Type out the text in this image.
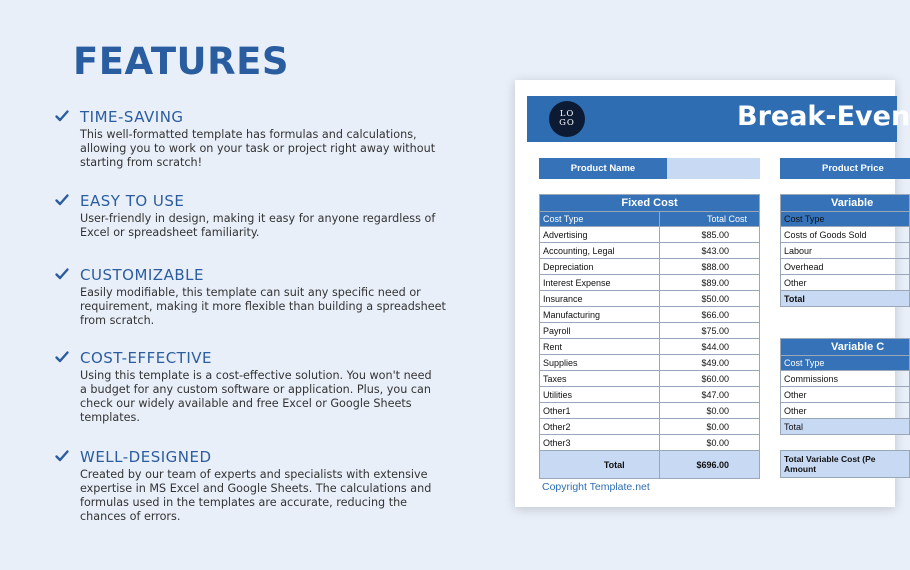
FEATURES
TIME-SAVING
This well-formatted template has formulas and calculations,
allowing you to work on your task or project right away without
starting from scratch!
EASY TO USE
User-friendly in design, making it easy for anyone regardless of
Excel or spreadsheet familiarity.
CUSTOMIZABLE
Easily modifiable, this template can suit any specific need or
requirement, making it more flexible than building a spreadsheet
from scratch.
COST-EFFECTIVE
Using this template is a cost-effective solution. You won't need
a budget for any custom software or application. Plus, you can
check our widely available and free Excel or Google Sheets
templates.
WELL-DESIGNED
Created by our team of experts and specialists with extensive
expertise in MS Excel and Google Sheets. The calculations and
formulas used in the templates are accurate, reducing the
chances of errors.
LO
GO	Break-Even
Product Name	Product Price
Fixed Cost	
Cost Type	Total Cost
Advertising	$85.00
Accounting, Legal	$43.00
Depreciation	$88.00
Interest Expense	$89.00
Insurance	$50.00
Manufacturing	$66.00
Payroll	$75.00
Rent	$44.00
Supplies	$49.00
Taxes	$60.00
Utilities	$47.00
Other1	$0.00
Other2	$0.00
Other3	$0.00
Total	$696.00
Variable
Cost Type
Costs of Goods Sold
Labour
Overhead
Other
Total
Variable C
Cost Type
Commissions
Other
Other
Total
Total Variable Cost (Pe
Amount
Copyright Template.net
